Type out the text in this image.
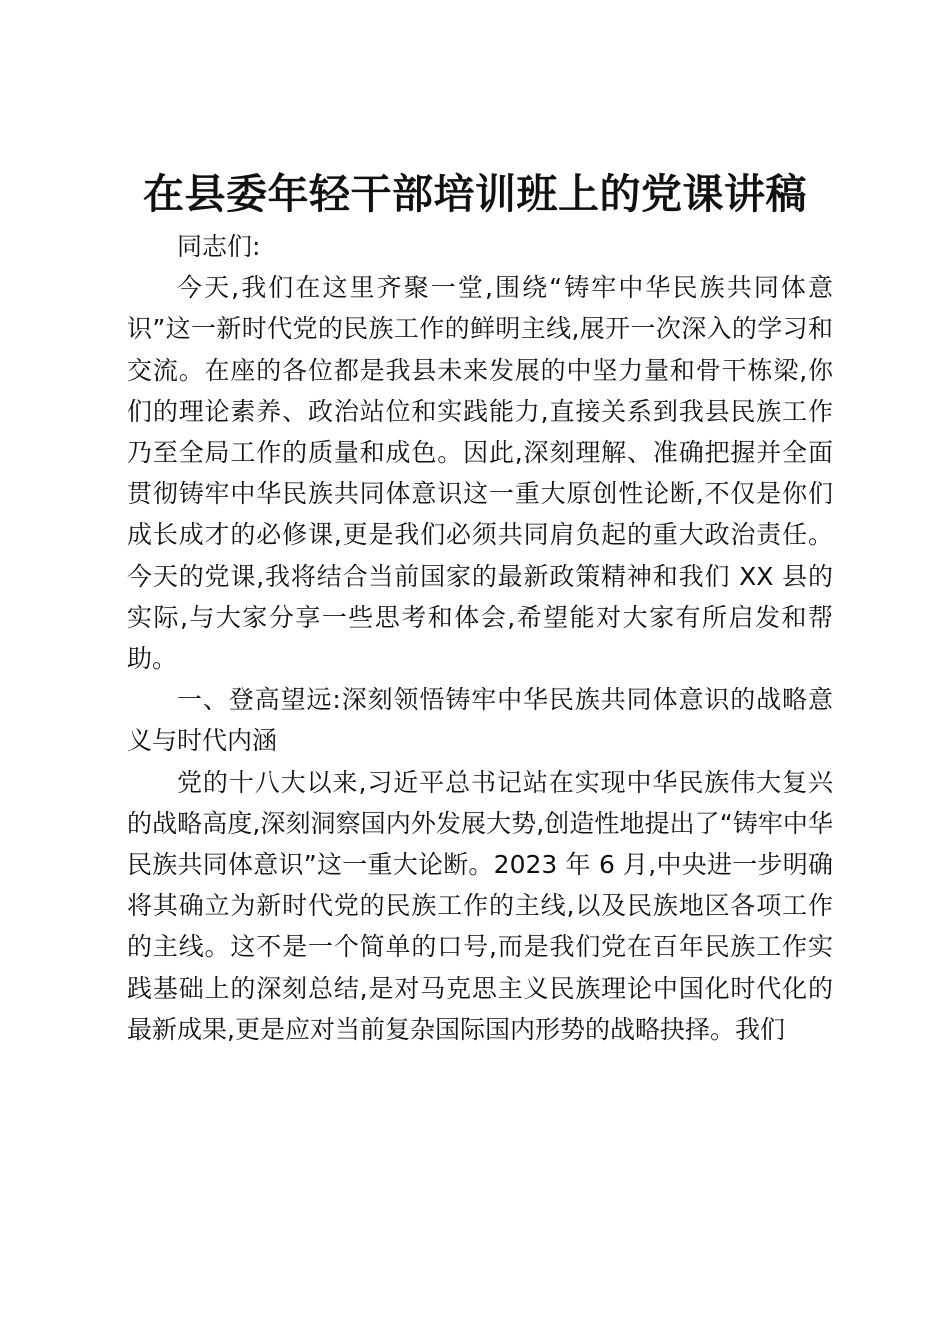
在县委年轻干部培训班上的党课讲稿

同志们:

今天,我们在这里齐聚一堂,围绕“铸牢中华民族共同体意识”这一新时代党的民族工作的鲜明主线,展开一次深入的学习和交流。在座的各位都是我县未来发展的中坚力量和骨干栋梁,你们的理论素养、政治站位和实践能力,直接关系到我县民族工作乃至全局工作的质量和成色。因此,深刻理解、准确把握并全面贯彻铸牢中华民族共同体意识这一重大原创性论断,不仅是你们成长成才的必修课,更是我们必须共同肩负起的重大政治责任。今天的党课,我将结合当前国家的最新政策精神和我们 XX 县的实际,与大家分享一些思考和体会,希望能对大家有所启发和帮助。

一、登高望远:深刻领悟铸牢中华民族共同体意识的战略意义与时代内涵

党的十八大以来,习近平总书记站在实现中华民族伟大复兴的战略高度,深刻洞察国内外发展大势,创造性地提出了“铸牢中华民族共同体意识”这一重大论断。2023 年 6 月,中央进一步明确将其确立为新时代党的民族工作的主线,以及民族地区各项工作的主线。这不是一个简单的口号,而是我们党在百年民族工作实践基础上的深刻总结,是对马克思主义民族理论中国化时代化的最新成果,更是应对当前复杂国际国内形势的战略抉择。我们
